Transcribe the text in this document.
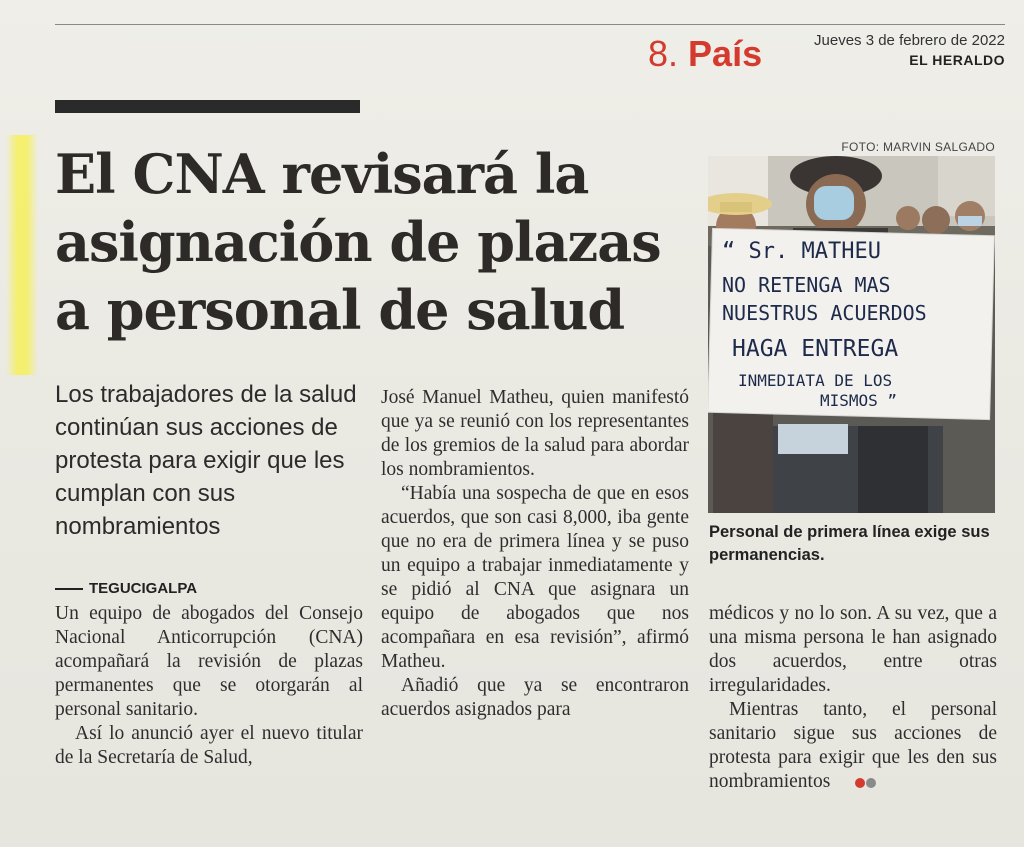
8. País	Jueves 3 de febrero de 2022
EL HERALDO
El CNA revisará la asignación de plazas a personal de salud

Los trabajadores de la salud continúan sus acciones de protesta para exigir que les cumplan con sus nombramientos

TEGUCIGALPA

Un equipo de abogados del Consejo Nacional Anticorrupción (CNA) acompañará la revisión de plazas permanentes que se otorgarán al personal sanitario.

Así lo anunció ayer el nuevo titular de la Secretaría de Salud,

José Manuel Matheu, quien manifestó que ya se reunió con los representantes de los gremios de la salud para abordar los nombramientos.

“Había una sospecha de que en esos acuerdos, que son casi 8,000, iba gente que no era de primera línea y se puso un equipo a trabajar inmediatamente y se pidió al CNA que asignara un equipo de abogados que nos acompañara en esa revisión”, afirmó Matheu.

Añadió que ya se encontraron acuerdos asignados para

FOTO: MARVIN SALGADO
“ Sr. MATHEU
NO RETENGA MAS
NUESTRUS ACUERDOS
HAGA ENTREGA
INMEDIATA DE LOS
MISMOS ”

Personal de primera línea exige sus permanencias.

médicos y no lo son. A su vez, que a una misma persona le han asignado dos acuerdos, entre otras irregularidades.

Mientras tanto, el personal sanitario sigue sus acciones de protesta para exigir que les den sus nombramientos
